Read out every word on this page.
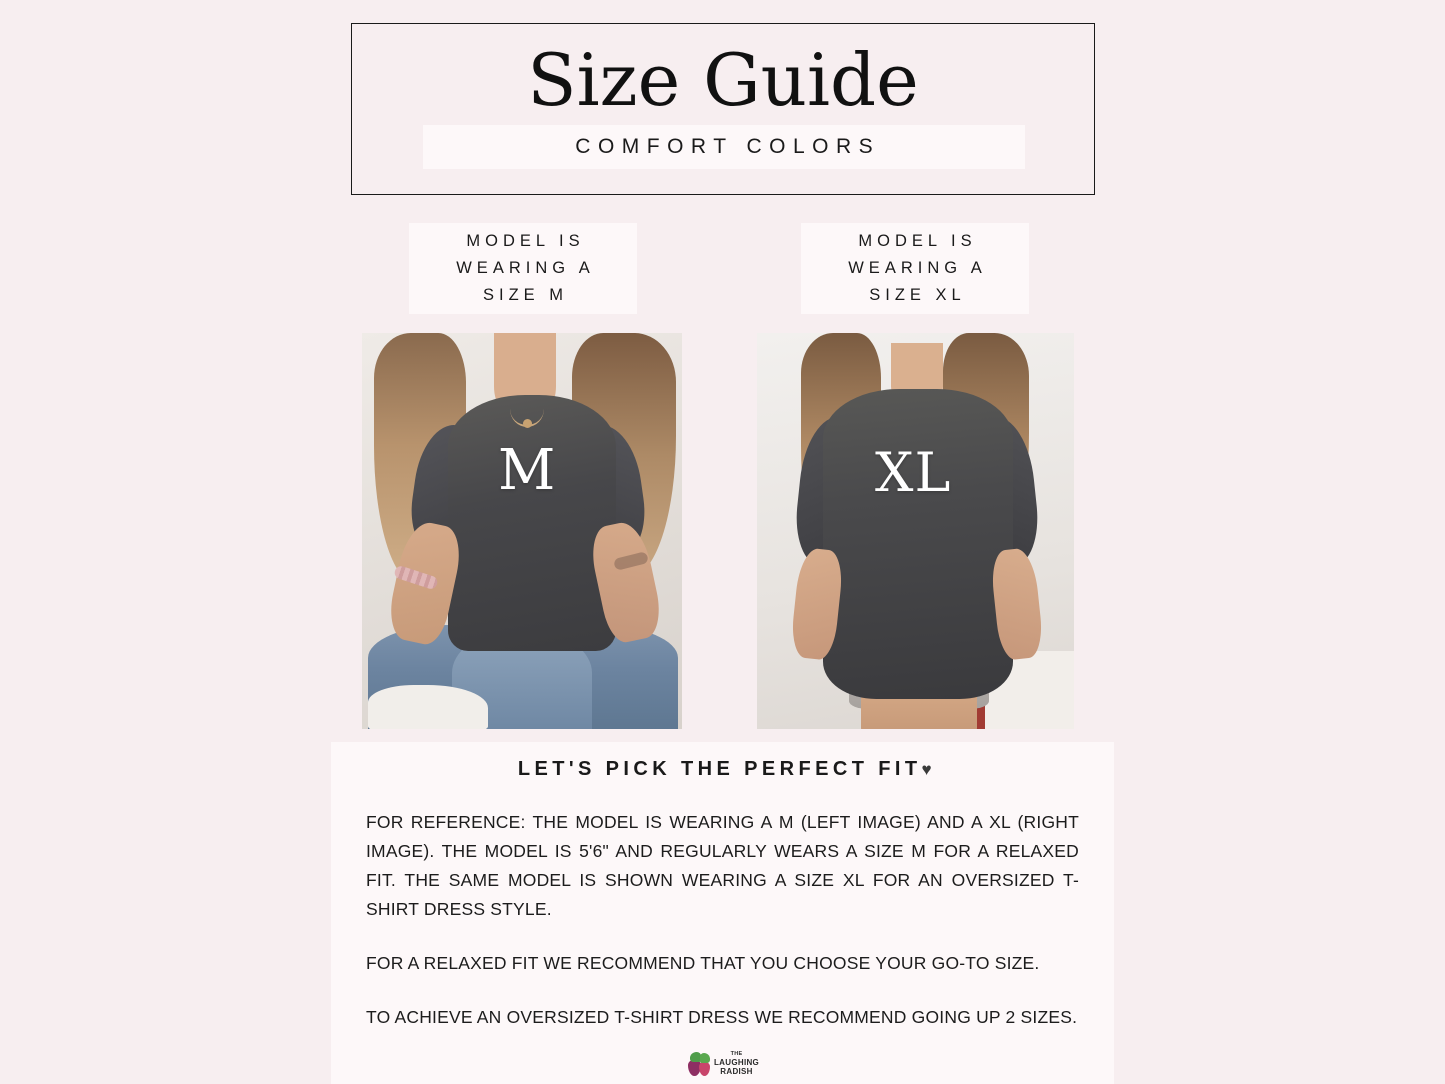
Size Guide
COMFORT COLORS
MODEL IS
WEARING A
SIZE M
MODEL IS
WEARING A
SIZE XL
M	XL
LET'S PICK THE PERFECT FIT♥

FOR REFERENCE: THE MODEL IS WEARING A M (LEFT IMAGE) AND A XL (RIGHT IMAGE). THE MODEL IS 5'6" AND REGULARLY WEARS A SIZE M FOR A RELAXED FIT. THE SAME MODEL IS SHOWN WEARING A SIZE XL FOR AN OVERSIZED T-SHIRT DRESS STYLE.

FOR A RELAXED FIT WE RECOMMEND THAT YOU CHOOSE YOUR GO-TO SIZE.

TO ACHIEVE AN OVERSIZED T-SHIRT DRESS WE RECOMMEND GOING UP 2 SIZES.

THE
LAUGHING
RADISH
